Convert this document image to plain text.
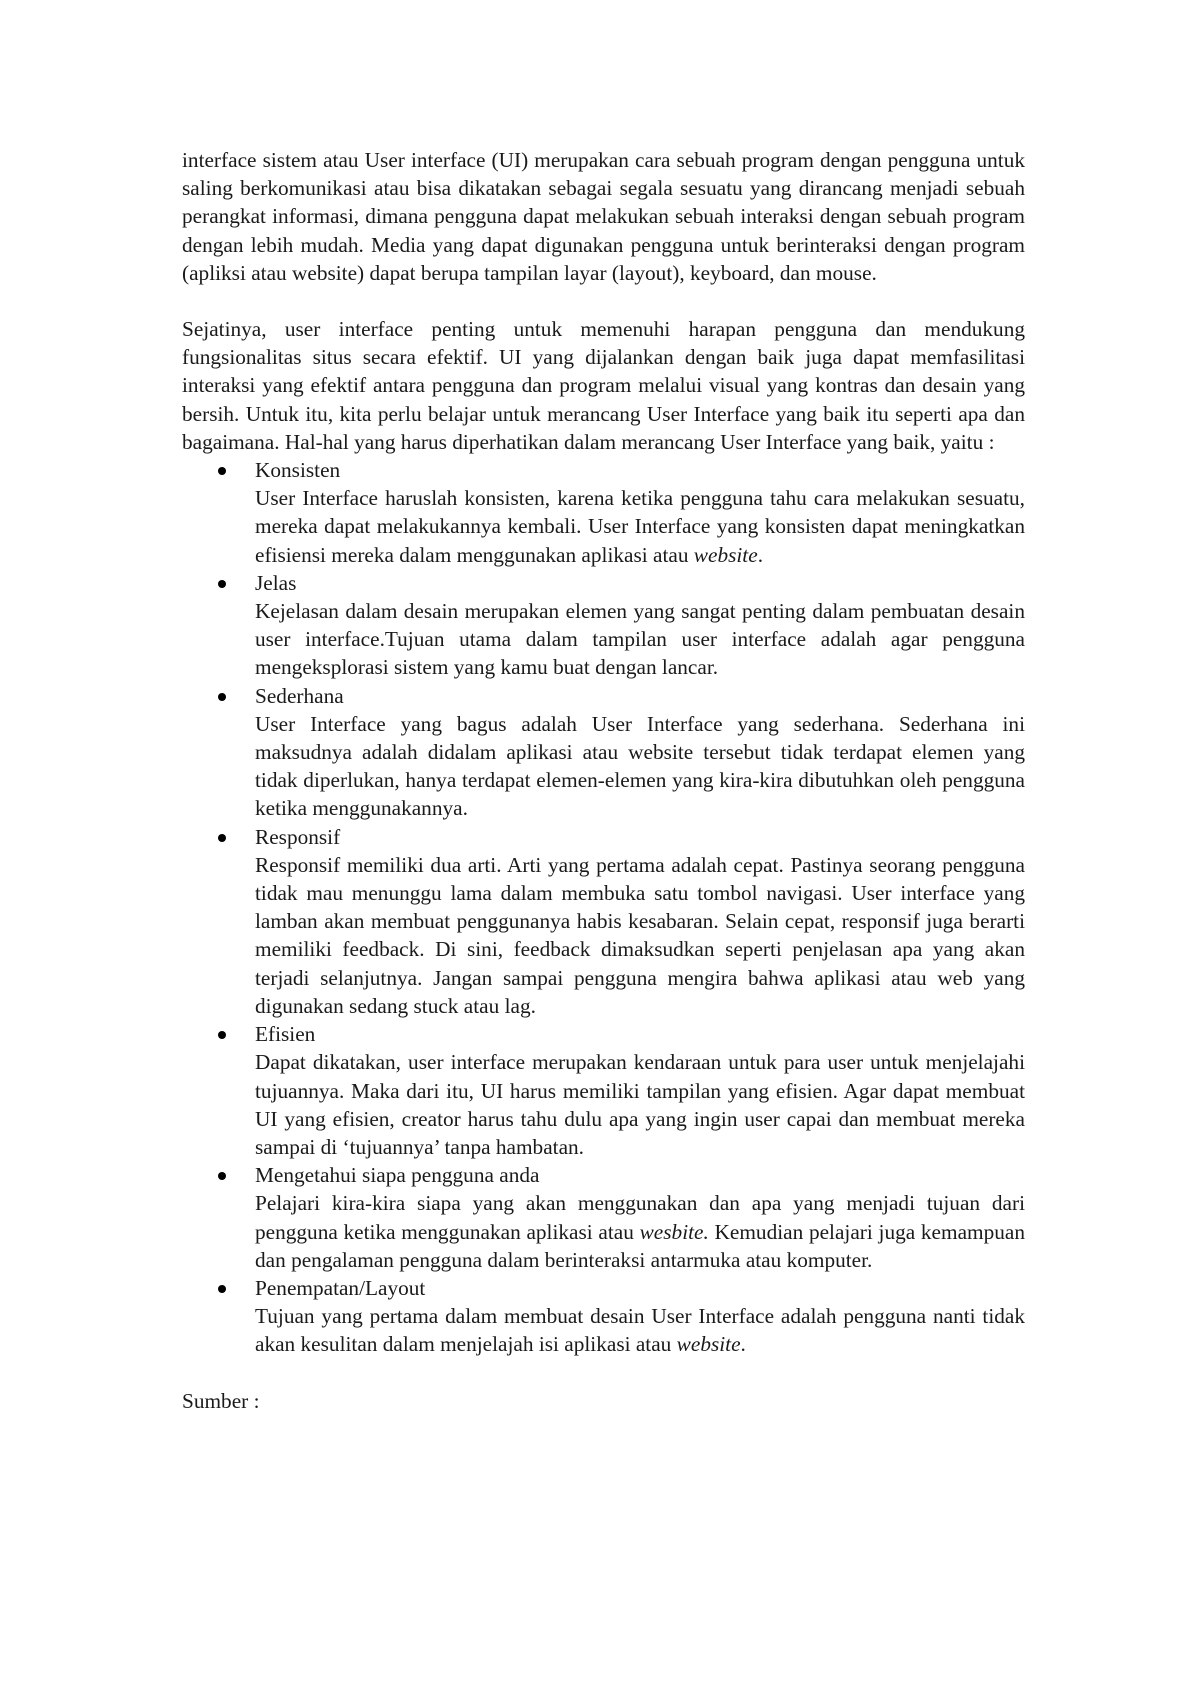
interface sistem atau User interface (UI) merupakan cara sebuah program dengan pengguna untuk saling berkomunikasi atau bisa dikatakan sebagai segala sesuatu yang dirancang menjadi sebuah perangkat informasi, dimana pengguna dapat melakukan sebuah interaksi dengan sebuah program dengan lebih mudah. Media yang dapat digunakan pengguna untuk berinteraksi dengan program (apliksi atau website) dapat berupa tampilan layar (layout), keyboard, dan mouse.

Sejatinya, user interface penting untuk memenuhi harapan pengguna dan mendukung fungsionalitas situs secara efektif. UI yang dijalankan dengan baik juga dapat memfasilitasi interaksi yang efektif antara pengguna dan program melalui visual yang kontras dan desain yang bersih. Untuk itu, kita perlu belajar untuk merancang User Interface yang baik itu seperti apa dan bagaimana. Hal-hal yang harus diperhatikan dalam merancang User Interface yang baik, yaitu :

Konsisten
User Interface haruslah konsisten, karena ketika pengguna tahu cara melakukan sesuatu, mereka dapat melakukannya kembali. User Interface yang konsisten dapat meningkatkan efisiensi mereka dalam menggunakan aplikasi atau website.
Jelas
Kejelasan dalam desain merupakan elemen yang sangat penting dalam pembuatan desain user interface.Tujuan utama dalam tampilan user interface adalah agar pengguna mengeksplorasi sistem yang kamu buat dengan lancar.
Sederhana
User Interface yang bagus adalah User Interface yang sederhana. Sederhana ini maksudnya adalah didalam aplikasi atau website tersebut tidak terdapat elemen yang tidak diperlukan, hanya terdapat elemen-elemen yang kira-kira dibutuhkan oleh pengguna ketika menggunakannya.
Responsif
Responsif memiliki dua arti. Arti yang pertama adalah cepat. Pastinya seorang pengguna tidak mau menunggu lama dalam membuka satu tombol navigasi. User interface yang lamban akan membuat penggunanya habis kesabaran. Selain cepat, responsif juga berarti memiliki feedback. Di sini, feedback dimaksudkan seperti penjelasan apa yang akan terjadi selanjutnya. Jangan sampai pengguna mengira bahwa aplikasi atau web yang digunakan sedang stuck atau lag.
Efisien
Dapat dikatakan, user interface merupakan kendaraan untuk para user untuk menjelajahi tujuannya. Maka dari itu, UI harus memiliki tampilan yang efisien. Agar dapat membuat UI yang efisien, creator harus tahu dulu apa yang ingin user capai dan membuat mereka sampai di ‘tujuannya’ tanpa hambatan.
Mengetahui siapa pengguna anda
Pelajari kira-kira siapa yang akan menggunakan dan apa yang menjadi tujuan dari pengguna ketika menggunakan aplikasi atau wesbite. Kemudian pelajari juga kemampuan dan pengalaman pengguna dalam berinteraksi antarmuka atau komputer.
Penempatan/Layout
Tujuan yang pertama dalam membuat desain User Interface adalah pengguna nanti tidak akan kesulitan dalam menjelajah isi aplikasi atau website.

Sumber :
